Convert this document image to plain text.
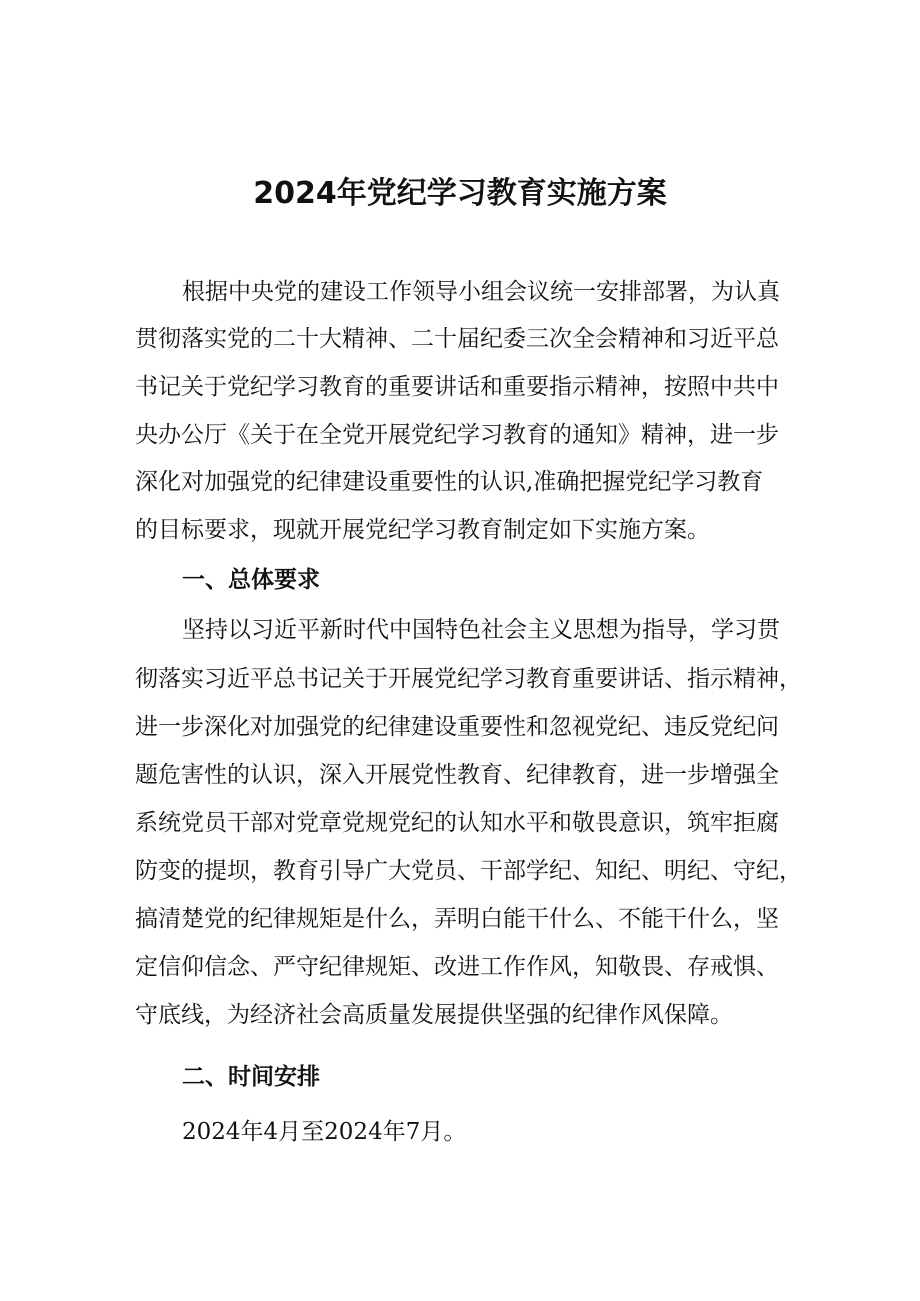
2024年党纪学习教育实施方案

根据中央党的建设工作领导小组会议统一安排部署，为认真

贯彻落实党的二十大精神、二十届纪委三次全会精神和习近平总

书记关于党纪学习教育的重要讲话和重要指示精神，按照中共中

央办公厅《关于在全党开展党纪学习教育的通知》精神，进一步

深化对加强党的纪律建设重要性的认识,准确把握党纪学习教育

的目标要求，现就开展党纪学习教育制定如下实施方案。

一、总体要求

坚持以习近平新时代中国特色社会主义思想为指导，学习贯

彻落实习近平总书记关于开展党纪学习教育重要讲话、指示精神，

进一步深化对加强党的纪律建设重要性和忽视党纪、违反党纪问

题危害性的认识，深入开展党性教育、纪律教育，进一步增强全

系统党员干部对党章党规党纪的认知水平和敬畏意识，筑牢拒腐

防变的提坝，教育引导广大党员、干部学纪、知纪、明纪、守纪，

搞清楚党的纪律规矩是什么，弄明白能干什么、不能干什么，坚

定信仰信念、严守纪律规矩、改进工作作风，知敬畏、存戒惧、

守底线，为经济社会高质量发展提供坚强的纪律作风保障。

二、时间安排

2024年4月至2024年7月。
